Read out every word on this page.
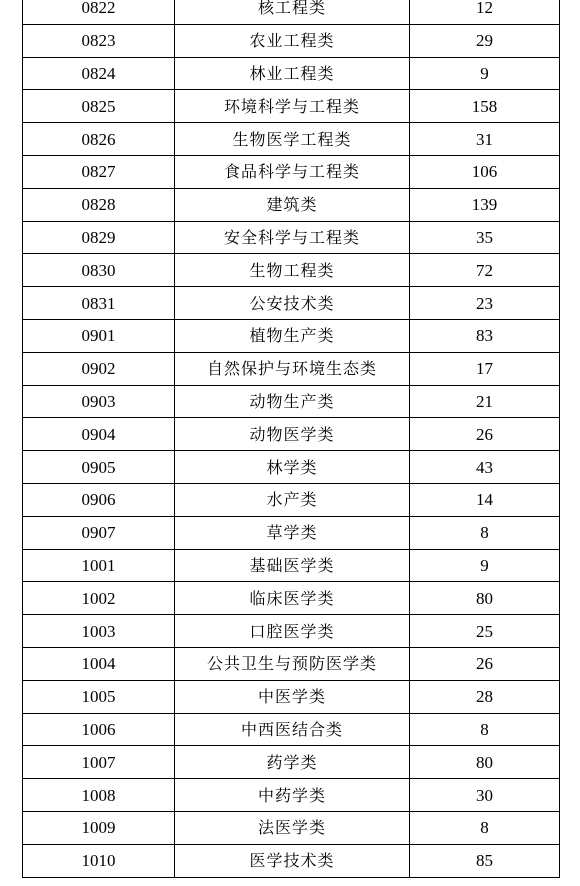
0822	核工程类	12
0823	农业工程类	29
0824	林业工程类	9
0825	环境科学与工程类	158
0826	生物医学工程类	31
0827	食品科学与工程类	106
0828	建筑类	139
0829	安全科学与工程类	35
0830	生物工程类	72
0831	公安技术类	23
0901	植物生产类	83
0902	自然保护与环境生态类	17
0903	动物生产类	21
0904	动物医学类	26
0905	林学类	43
0906	水产类	14
0907	草学类	8
1001	基础医学类	9
1002	临床医学类	80
1003	口腔医学类	25
1004	公共卫生与预防医学类	26
1005	中医学类	28
1006	中西医结合类	8
1007	药学类	80
1008	中药学类	30
1009	法医学类	8
1010	医学技术类	85
